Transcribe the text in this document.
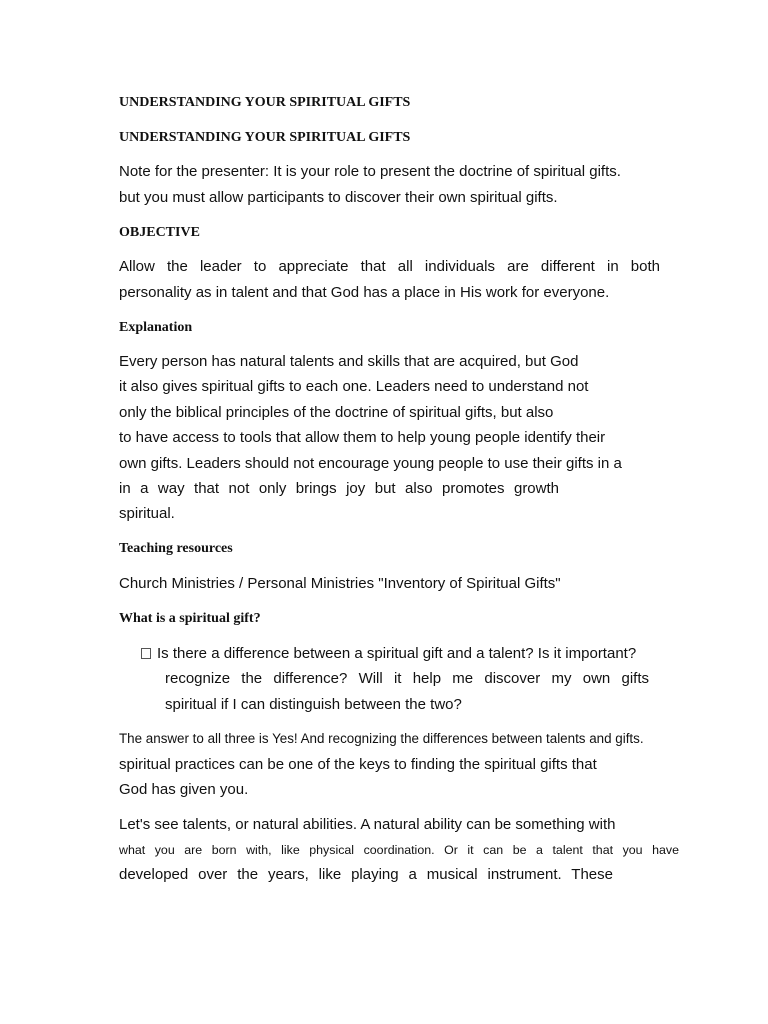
UNDERSTANDING YOUR SPIRITUAL GIFTS
UNDERSTANDING YOUR SPIRITUAL GIFTS
Note for the presenter: It is your role to present the doctrine of spiritual gifts.
but you must allow participants to discover their own spiritual gifts.
OBJECTIVE
Allow the leader to appreciate that all individuals are different in both
personality as in talent and that God has a place in His work for everyone.
Explanation
Every person has natural talents and skills that are acquired, but God
it also gives spiritual gifts to each one. Leaders need to understand not
only the biblical principles of the doctrine of spiritual gifts, but also
to have access to tools that allow them to help young people identify their
own gifts. Leaders should not encourage young people to use their gifts in a
in a way that not only brings joy but also promotes growth
spiritual.
Teaching resources
Church Ministries / Personal Ministries "Inventory of Spiritual Gifts"
What is a spiritual gift?
Is there a difference between a spiritual gift and a talent? Is it important?
recognize the difference? Will it help me discover my own gifts
spiritual if I can distinguish between the two?
The answer to all three is Yes! And recognizing the differences between talents and gifts.
spiritual practices can be one of the keys to finding the spiritual gifts that
God has given you.
Let's see talents, or natural abilities. A natural ability can be something with
what you are born with, like physical coordination. Or it can be a talent that you have
developed over the years, like playing a musical instrument. These
